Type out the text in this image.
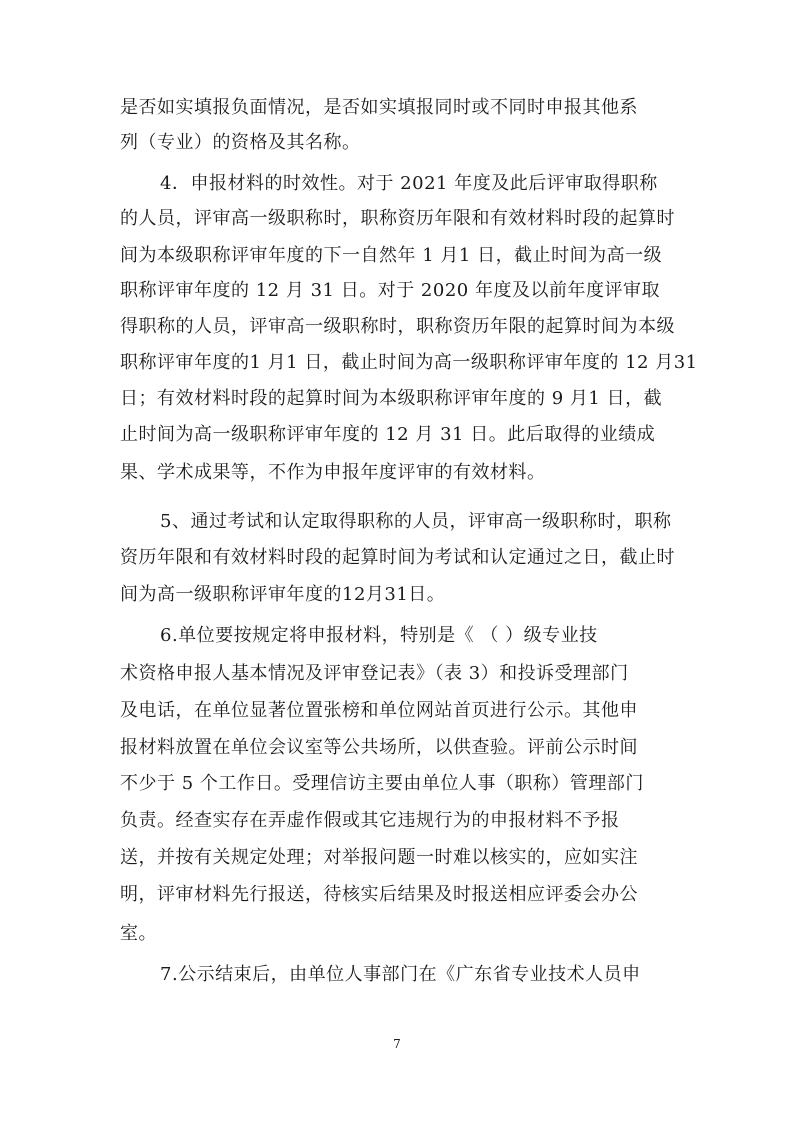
是否如实填报负面情况，是否如实填报同时或不同时申报其他系
列（专业）的资格及其名称。
4．申报材料的时效性。对于 2021 年度及此后评审取得职称
的人员，评审高一级职称时，职称资历年限和有效材料时段的起算时
间为本级职称评审年度的下一自然年 1 月1 日，截止时间为高一级
职称评审年度的 12 月 31 日。对于 2020 年度及以前年度评审取
得职称的人员，评审高一级职称时，职称资历年限的起算时间为本级
职称评审年度的1 月1 日，截止时间为高一级职称评审年度的 12 月31
日；有效材料时段的起算时间为本级职称评审年度的 9 月1 日，截
止时间为高一级职称评审年度的 12 月 31 日。此后取得的业绩成
果、学术成果等，不作为申报年度评审的有效材料。
5、通过考试和认定取得职称的人员，评审高一级职称时，职称
资历年限和有效材料时段的起算时间为考试和认定通过之日，截止时
间为高一级职称评审年度的12月31日。
6.单位要按规定将申报材料，特别是《 （ ）级专业技
术资格申报人基本情况及评审登记表》（表 3）和投诉受理部门
及电话，在单位显著位置张榜和单位网站首页进行公示。其他申
报材料放置在单位会议室等公共场所，以供查验。评前公示时间
不少于 5 个工作日。受理信访主要由单位人事（职称）管理部门
负责。经查实存在弄虚作假或其它违规行为的申报材料不予报
送，并按有关规定处理；对举报问题一时难以核实的，应如实注
明，评审材料先行报送，待核实后结果及时报送相应评委会办公
室。
7.公示结束后，由单位人事部门在《广东省专业技术人员申
7
